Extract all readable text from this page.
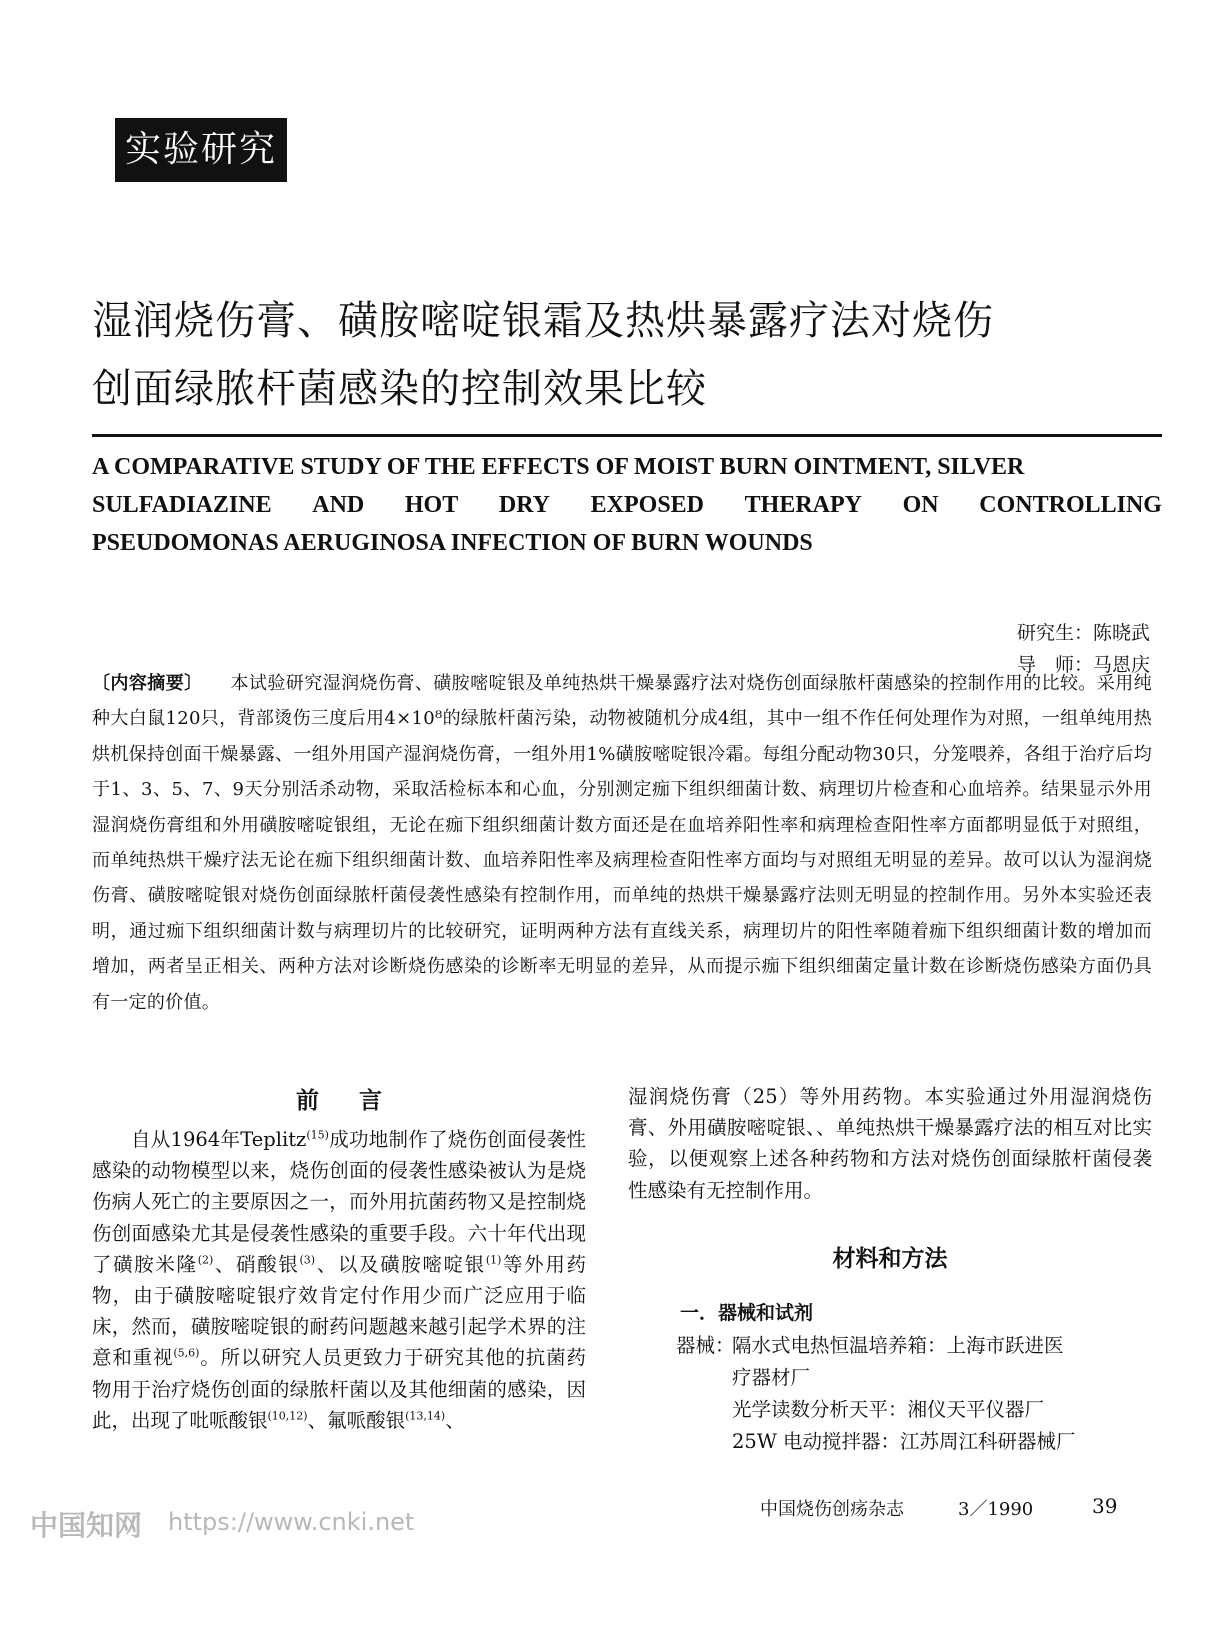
实验研究
湿润烧伤膏、磺胺嘧啶银霜及热烘暴露疗法对烧伤
创面绿脓杆菌感染的控制效果比较
A COMPARATIVE STUDY OF THE EFFECTS OF MOIST BURN OINTMENT, SILVER
SULFADIAZINE AND HOT DRY EXPOSED THERAPY ON CONTROLLING
PSEUDOMONAS AERUGINOSA INFECTION OF BURN WOUNDS
研究生：陈晓武
导　师：马恩庆
〔内容摘要〕　　 本试验研究湿润烧伤膏、磺胺嘧啶银及单纯热烘干燥暴露疗法对烧伤创面绿脓杆菌感染的控制作用的比较。采用纯种大白鼠120只，背部烫伤三度后用4×10⁸的绿脓杆菌污染，动物被随机分成4组，其中一组不作任何处理作为对照，一组单纯用热烘机保持创面干燥暴露、一组外用国产湿润烧伤膏，一组外用1%磺胺嘧啶银冷霜。每组分配动物30只，分笼喂养，各组于治疗后均于1、3、5、7、9天分别活杀动物，采取活检标本和心血，分别测定痂下组织细菌计数、病理切片检查和心血培养。结果显示外用湿润烧伤膏组和外用磺胺嘧啶银组，无论在痂下组织细菌计数方面还是在血培养阳性率和病理检查阳性率方面都明显低于对照组，而单纯热烘干燥疗法无论在痂下组织细菌计数、血培养阳性率及病理检查阳性率方面均与对照组无明显的差异。故可以认为湿润烧伤膏、磺胺嘧啶银对烧伤创面绿脓杆菌侵袭性感染有控制作用，而单纯的热烘干燥暴露疗法则无明显的控制作用。另外本实验还表明，通过痂下组织细菌计数与病理切片的比较研究，证明两种方法有直线关系，病理切片的阳性率随着痂下组织细菌计数的增加而增加，两者呈正相关、两种方法对诊断烧伤感染的诊断率无明显的差异，从而提示痂下组织细菌定量计数在诊断烧伤感染方面仍具有一定的价值。
前言
自从1964年Teplitz$^{(15)}$成功地制作了烧伤创面侵袭性感染的动物模型以来，烧伤创面的侵袭性感染被认为是烧伤病人死亡的主要原因之一，而外用抗菌药物又是控制烧伤创面感染尤其是侵袭性感染的重要手段。六十年代出现了磺胺米隆$^{(2)}$、硝酸银$^{(3)}$、以及磺胺嘧啶银$^{(1)}$等外用药物，由于磺胺嘧啶银疗效肯定付作用少而广泛应用于临床，然而，磺胺嘧啶银的耐药问题越来越引起学术界的注意和重视$^{(5,6)}$。所以研究人员更致力于研究其他的抗菌药物用于治疗烧伤创面的绿脓杆菌以及其他细菌的感染，因此，出现了吡哌酸银$^{(10,12)}$、氟哌酸银$^{(13,14)}$、
湿润烧伤膏（25）等外用药物。本实验通过外用湿润烧伤膏、外用磺胺嘧啶银、、单纯热烘干燥暴露疗法的相互对比实验，以便观察上述各种药物和方法对烧伤创面绿脓杆菌侵袭性感染有无控制作用。
材料和方法
一．器械和试剂
器械：
隔水式电热恒温培养箱：上海市跃进医
疗器材厂
光学读数分析天平：湘仪天平仪器厂
25W 电动搅拌器：江苏周江科研器械厂
中国烧伤创疡杂志	3／1990	39
中国知网 https://www.cnki.net
